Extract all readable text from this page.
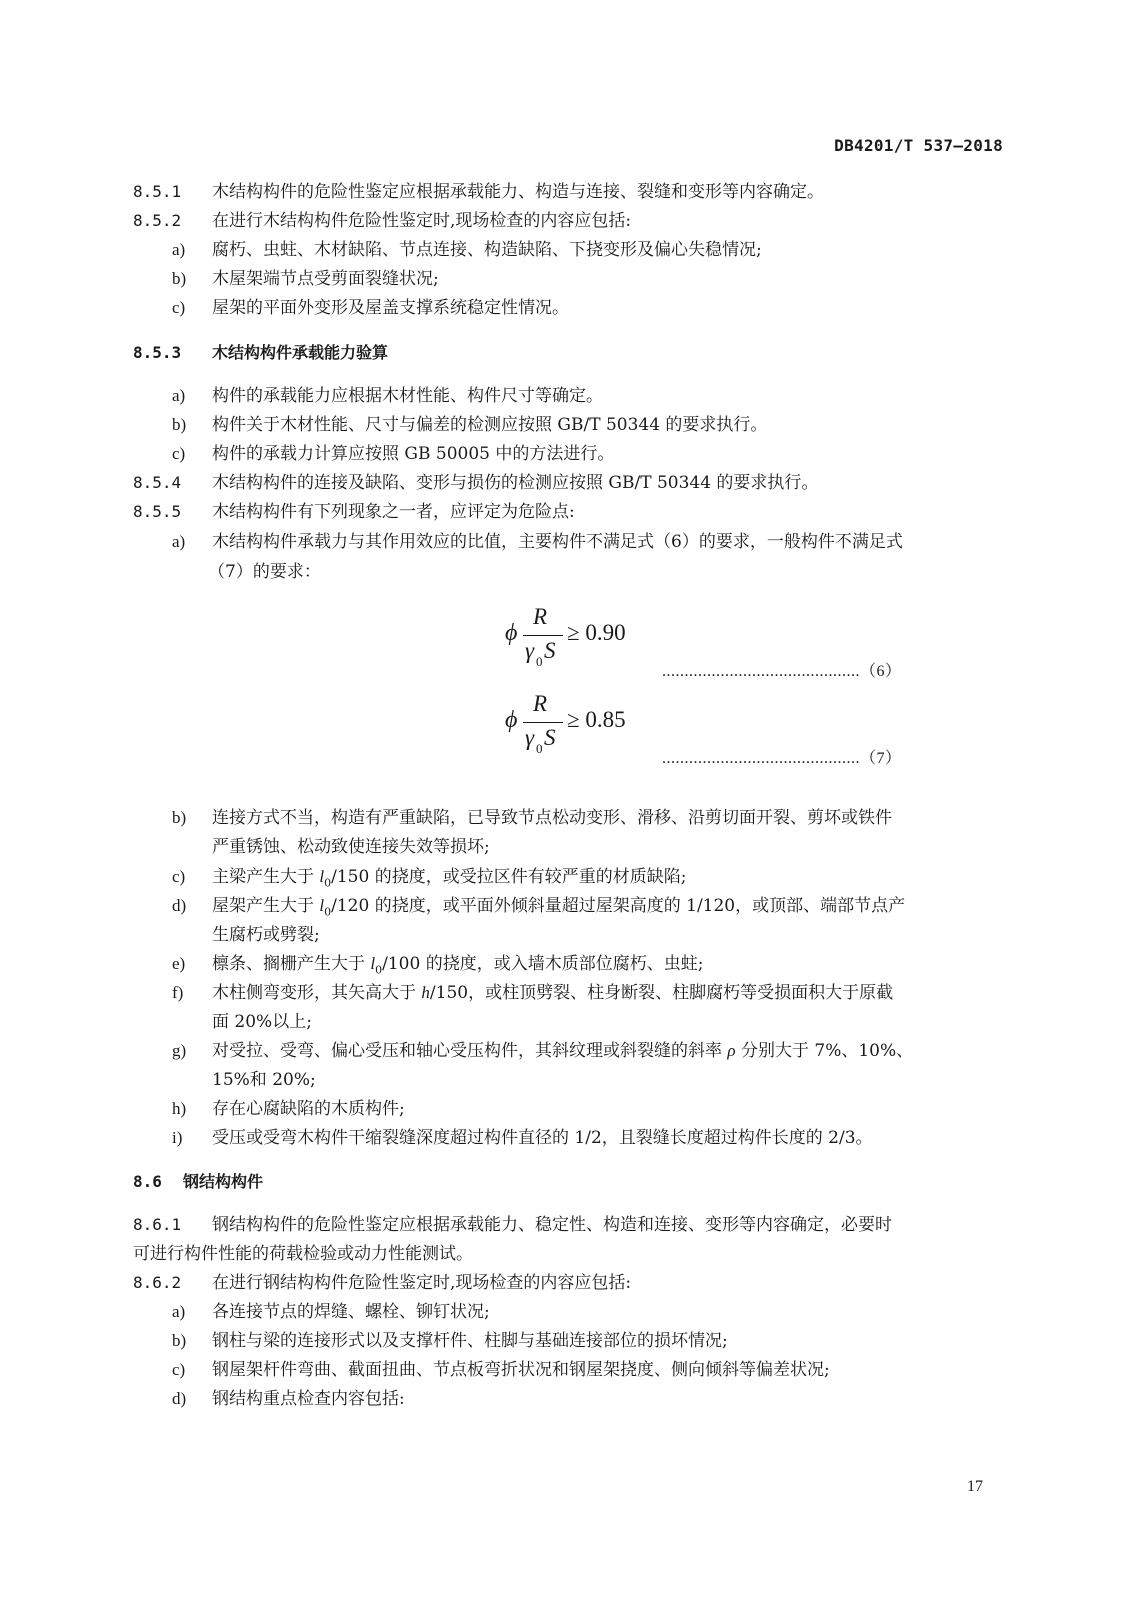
DB4201/T 537—2018
8.5.1 木结构构件的危险性鉴定应根据承载能力、构造与连接、裂缝和变形等内容确定。
8.5.2 在进行木结构构件危险性鉴定时,现场检查的内容应包括:
a) 腐朽、虫蛀、木材缺陷、节点连接、构造缺陷、下挠变形及偏心失稳情况;
b) 木屋架端节点受剪面裂缝状况;
c) 屋架的平面外变形及屋盖支撑系统稳定性情况。
8.5.3 木结构构件承载能力验算
a) 构件的承载能力应根据木材性能、构件尺寸等确定。
b) 构件关于木材性能、尺寸与偏差的检测应按照 GB/T 50344 的要求执行。
c) 构件的承载力计算应按照 GB 50005 中的方法进行。
8.5.4 木结构构件的连接及缺陷、变形与损伤的检测应按照 GB/T 50344 的要求执行。
8.5.5 木结构构件有下列现象之一者，应评定为危险点:
a) 木结构构件承载力与其作用效应的比值，主要构件不满足式（6）的要求，一般构件不满足式
（7）的要求：
ϕ
R
γ 0 S
≥ 0.90
............................................（6）
ϕ
R
γ 0 S
≥ 0.85
............................................（7）
b) 连接方式不当，构造有严重缺陷，已导致节点松动变形、滑移、沿剪切面开裂、剪坏或铁件
严重锈蚀、松动致使连接失效等损坏;
c) 主梁产生大于 $l_0/150$ 的挠度，或受拉区件有较严重的材质缺陷;
d) 屋架产生大于 $l_0/120$ 的挠度，或平面外倾斜量超过屋架高度的 1/120，或顶部、端部节点产
生腐朽或劈裂;
e) 檩条、搁栅产生大于 $l_0/100$ 的挠度，或入墙木质部位腐朽、虫蛀;
f) 木柱侧弯变形，其矢高大于 h/150，或柱顶劈裂、柱身断裂、柱脚腐朽等受损面积大于原截
面 20%以上;
g) 对受拉、受弯、偏心受压和轴心受压构件，其斜纹理或斜裂缝的斜率 ρ 分别大于 7%、10%、
15%和 20%;
h) 存在心腐缺陷的木质构件;
i) 受压或受弯木构件干缩裂缝深度超过构件直径的 1/2，且裂缝长度超过构件长度的 2/3。
8.6 钢结构构件
8.6.1 钢结构构件的危险性鉴定应根据承载能力、稳定性、构造和连接、变形等内容确定，必要时
可进行构件性能的荷载检验或动力性能测试。
8.6.2 在进行钢结构构件危险性鉴定时,现场检查的内容应包括:
a) 各连接节点的焊缝、螺栓、铆钉状况;
b) 钢柱与梁的连接形式以及支撑杆件、柱脚与基础连接部位的损坏情况;
c) 钢屋架杆件弯曲、截面扭曲、节点板弯折状况和钢屋架挠度、侧向倾斜等偏差状况;
d) 钢结构重点检查内容包括:
17
